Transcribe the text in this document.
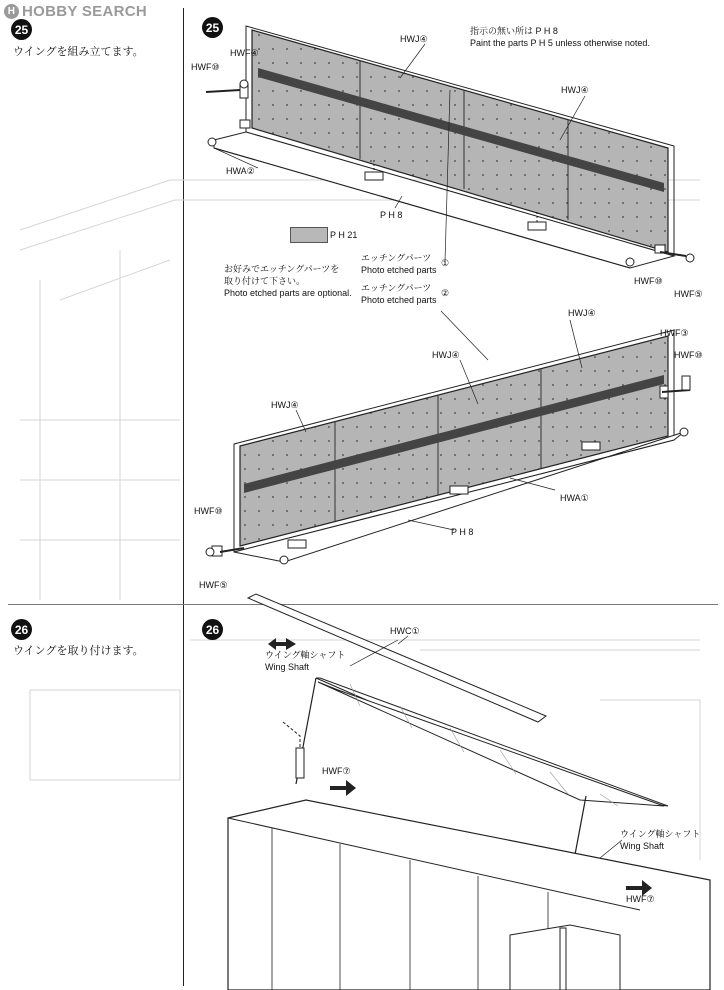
H HOBBY SEARCH
25
ウイングを組み立てます。
26
ウイングを取り付けます。
25	指示の無い所は P H 8
Paint the parts P H 5 unless otherwise noted.
HWF④
HWF⑩
HWJ④
HWJ④
HWA②
P H 8
HWF⑩
HWF⑤
P H 21
お好みでエッチングパーツを
取り付けて下さい。
Photo etched parts are optional.
エッチングパーツ
Photo etched parts
①
エッチングパーツ
Photo etched parts
②
HWJ④
HWJ④
HWJ④
HWF③
HWF⑩
HWA①
P H 8
HWF⑩
HWF⑤
26	HWC①
ウイング軸シャフト
Wing Shaft
HWF⑦
ウイング軸シャフト
Wing Shaft
HWF⑦
